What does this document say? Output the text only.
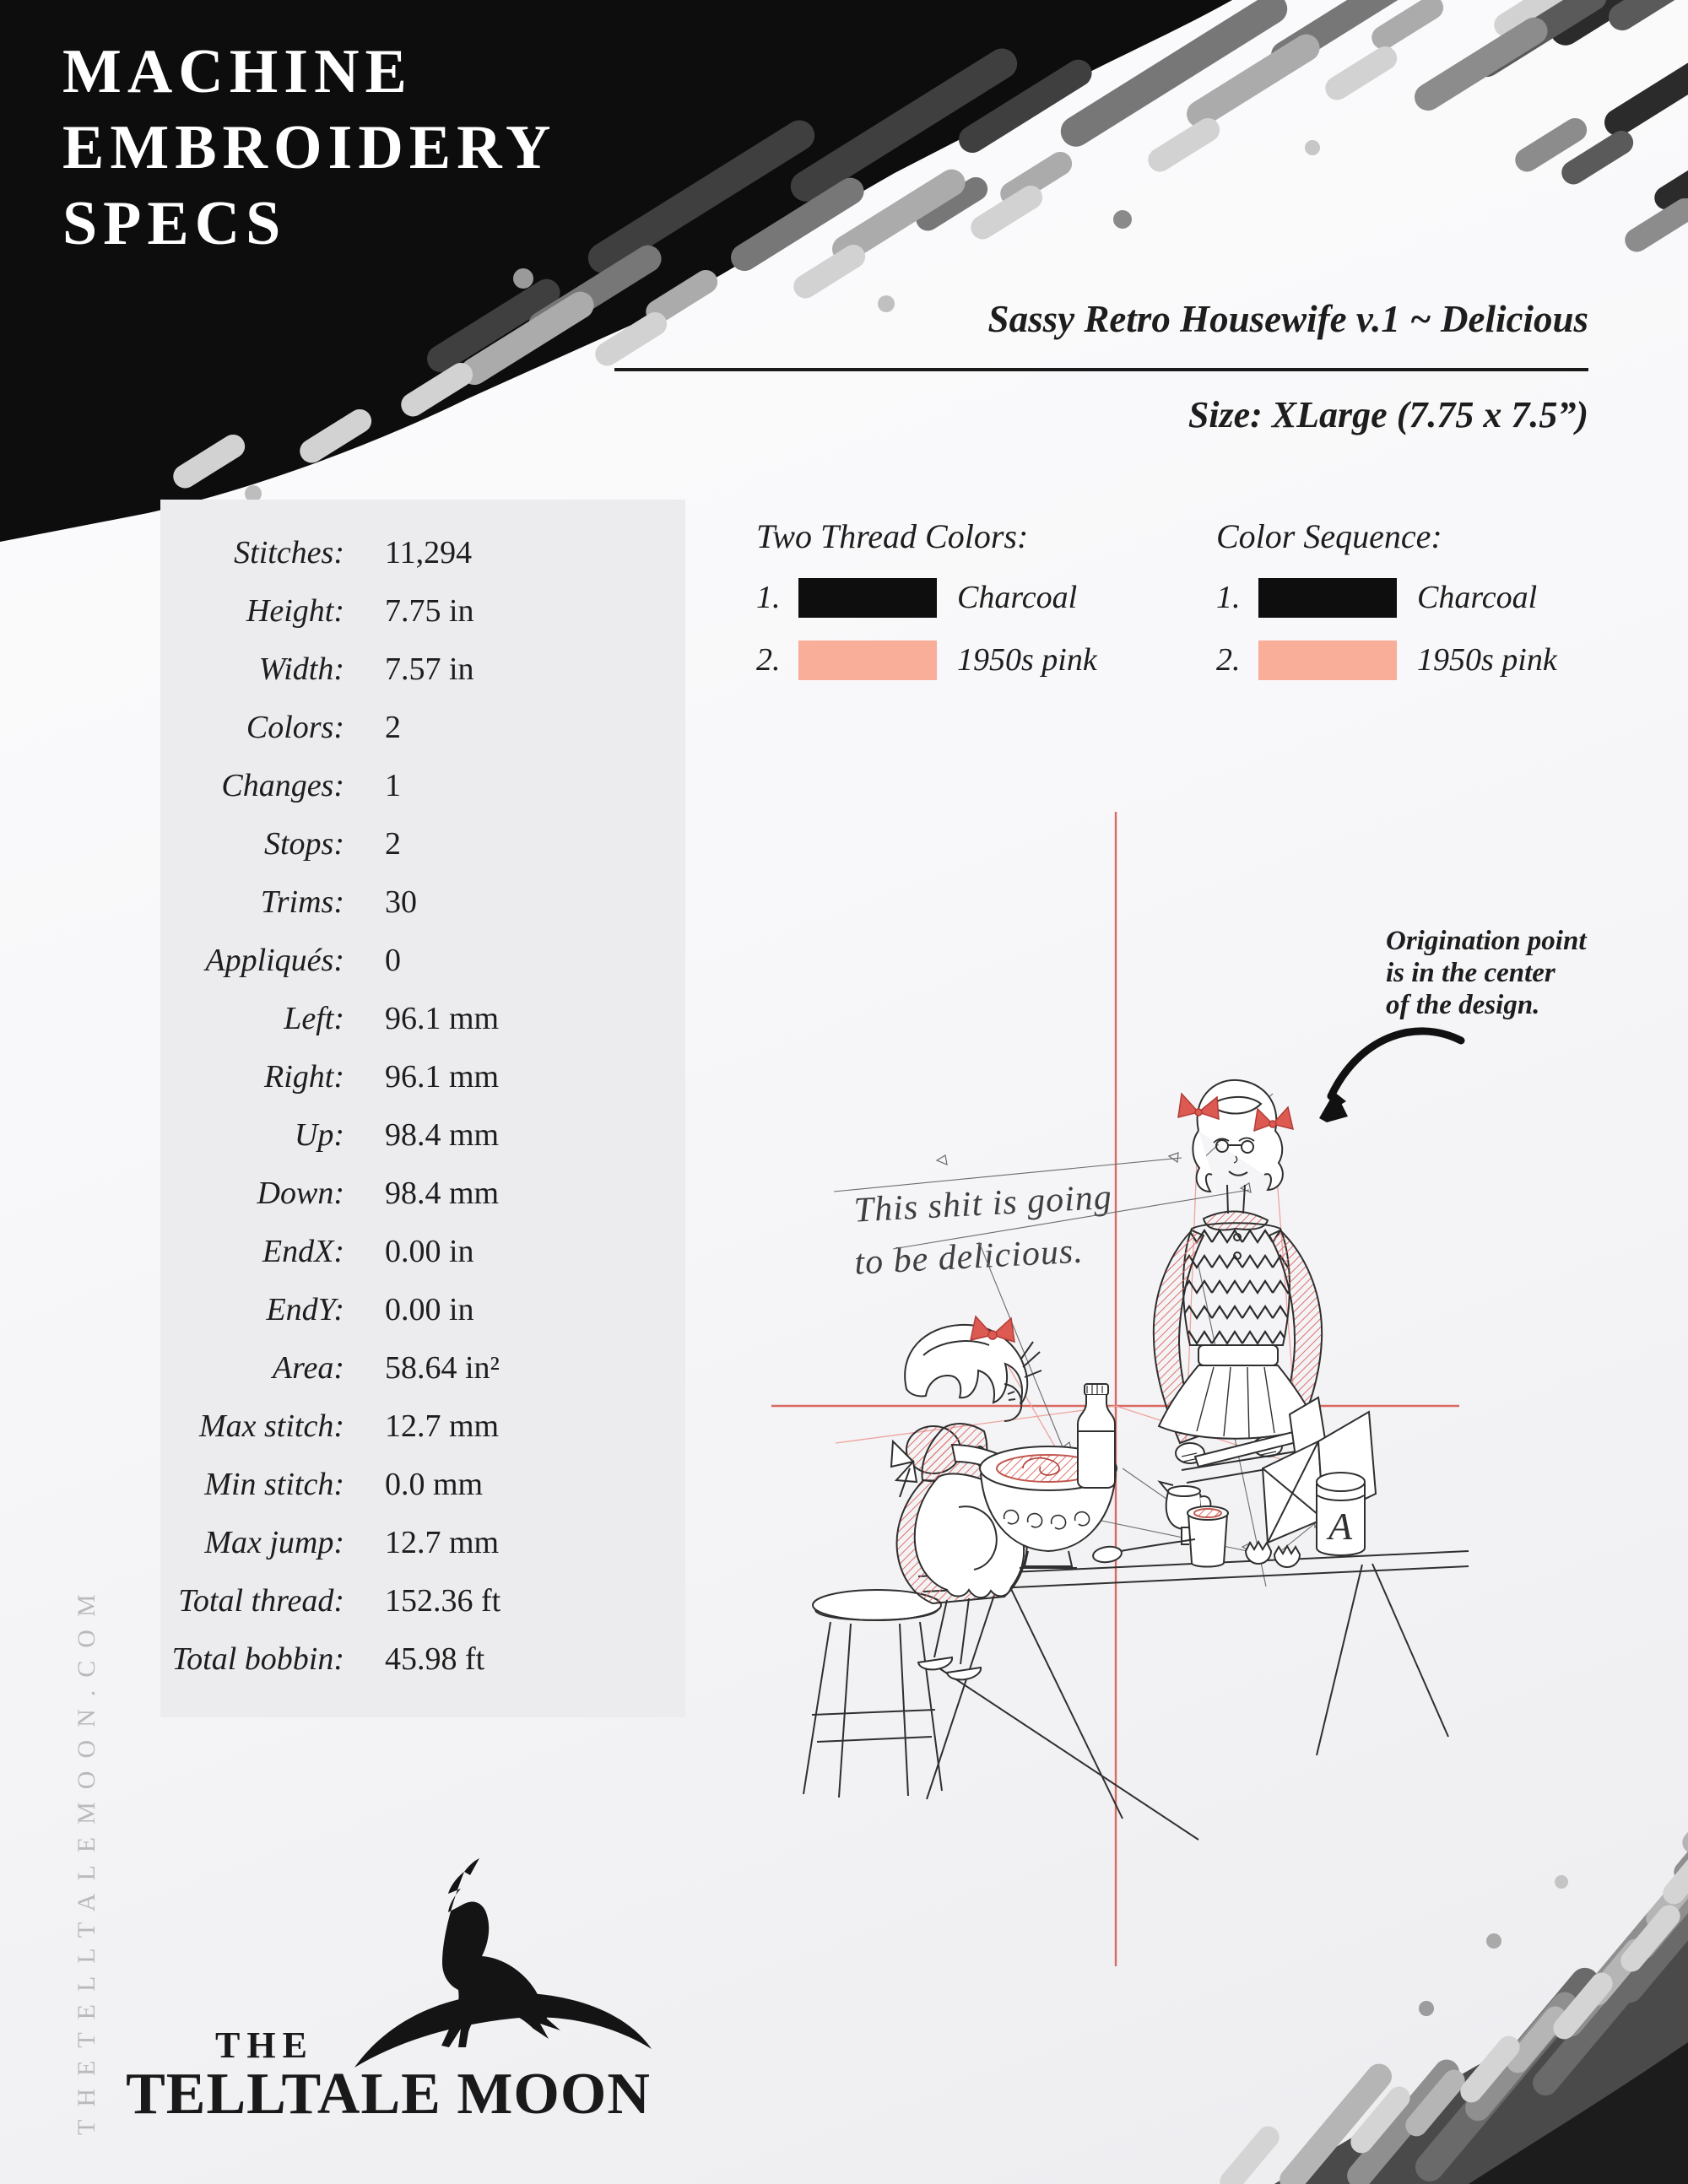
MACHINE
EMBROIDERY
SPECS
Sassy Retro Housewife v.1 ~ Delicious
Size: XLarge (7.75 x 7.5”)
Stitches: 11,294
Height: 7.75 in
Width: 7.57 in
Colors: 2
Changes: 1
Stops: 2
Trims: 30
Appliqués: 0
Left: 96.1 mm
Right: 96.1 mm
Up: 98.4 mm
Down: 98.4 mm
EndX: 0.00 in
EndY: 0.00 in
Area: 58.64 in²
Max stitch: 12.7 mm
Min stitch: 0.0 mm
Max jump: 12.7 mm
Total thread: 152.36 ft
Total bobbin: 45.98 ft
Two Thread Colors:
1.	Charcoal
2.	1950s pink
Color Sequence:
1.	Charcoal
2.	1950s pink
Origination point
is in the center
of the design.
This shit is going
to be delicious.
A
THETELLTALEMOON.COM	THE
TELLTALE MOON
